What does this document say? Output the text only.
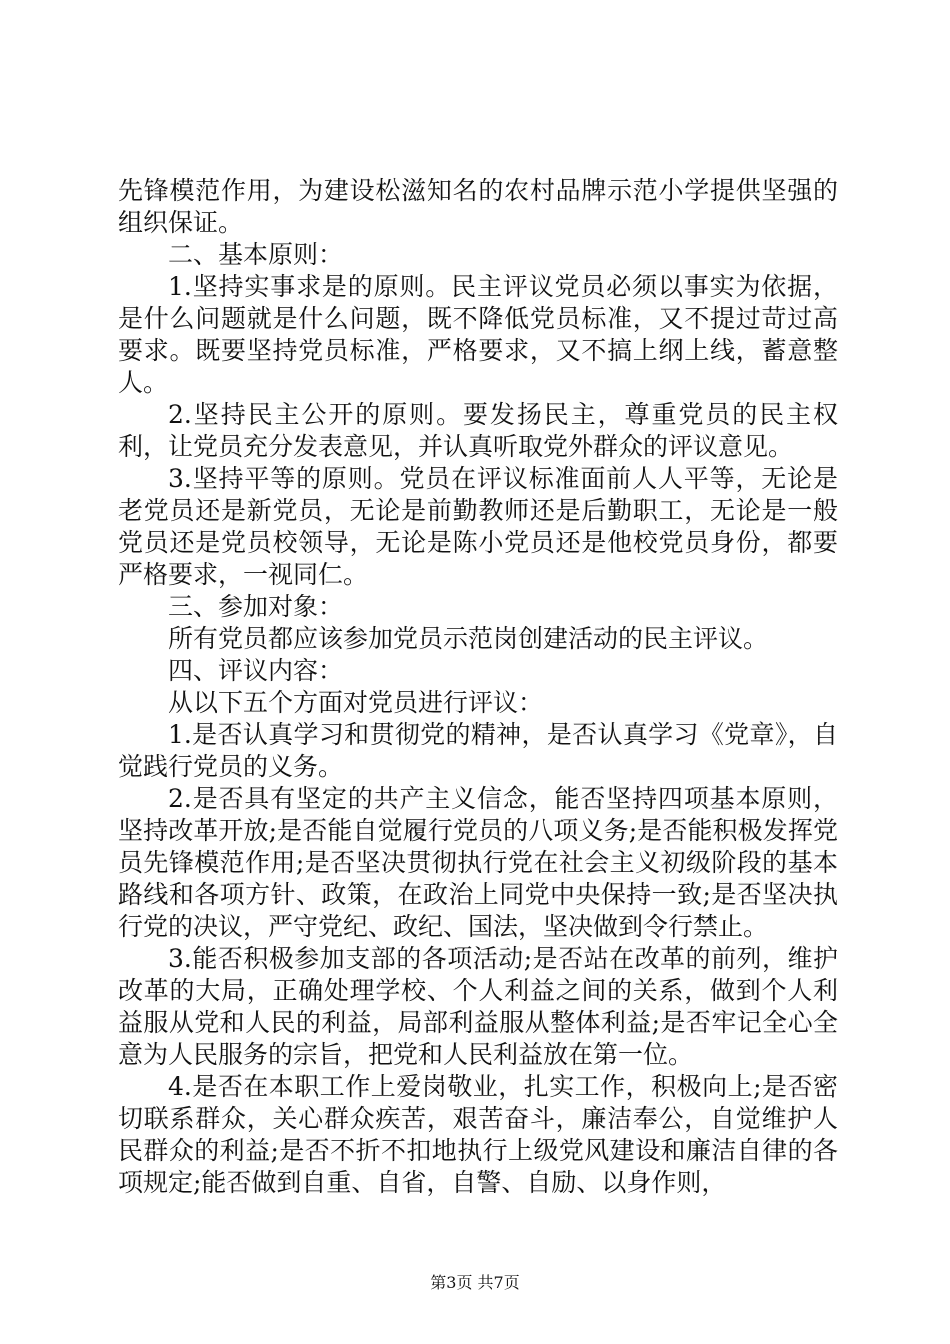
先锋模范作用，为建设松滋知名的农村品牌示范小学提供坚强的组织保证。

二、基本原则：

1.坚持实事求是的原则。民主评议党员必须以事实为依据，是什么问题就是什么问题，既不降低党员标准，又不提过苛过高要求。既要坚持党员标准，严格要求，又不搞上纲上线，蓄意整人。

2.坚持民主公开的原则。要发扬民主，尊重党员的民主权利，让党员充分发表意见，并认真听取党外群众的评议意见。

3.坚持平等的原则。党员在评议标准面前人人平等，无论是老党员还是新党员，无论是前勤教师还是后勤职工，无论是一般党员还是党员校领导，无论是陈小党员还是他校党员身份，都要严格要求，一视同仁。

三、参加对象：

所有党员都应该参加党员示范岗创建活动的民主评议。

四、评议内容：

从以下五个方面对党员进行评议：

1.是否认真学习和贯彻党的精神，是否认真学习《党章》，自觉践行党员的义务。

2.是否具有坚定的共产主义信念，能否坚持四项基本原则，坚持改革开放;是否能自觉履行党员的八项义务;是否能积极发挥党员先锋模范作用;是否坚决贯彻执行党在社会主义初级阶段的基本路线和各项方针、政策，在政治上同党中央保持一致;是否坚决执行党的决议，严守党纪、政纪、国法，坚决做到令行禁止。

3.能否积极参加支部的各项活动;是否站在改革的前列，维护改革的大局，正确处理学校、个人利益之间的关系，做到个人利益服从党和人民的利益，局部利益服从整体利益;是否牢记全心全意为人民服务的宗旨，把党和人民利益放在第一位。

4.是否在本职工作上爱岗敬业，扎实工作，积极向上;是否密切联系群众，关心群众疾苦，艰苦奋斗，廉洁奉公，自觉维护人民群众的利益;是否不折不扣地执行上级党风建设和廉洁自律的各项规定;能否做到自重、自省，自警、自励、以身作则，

第3页 共7页
